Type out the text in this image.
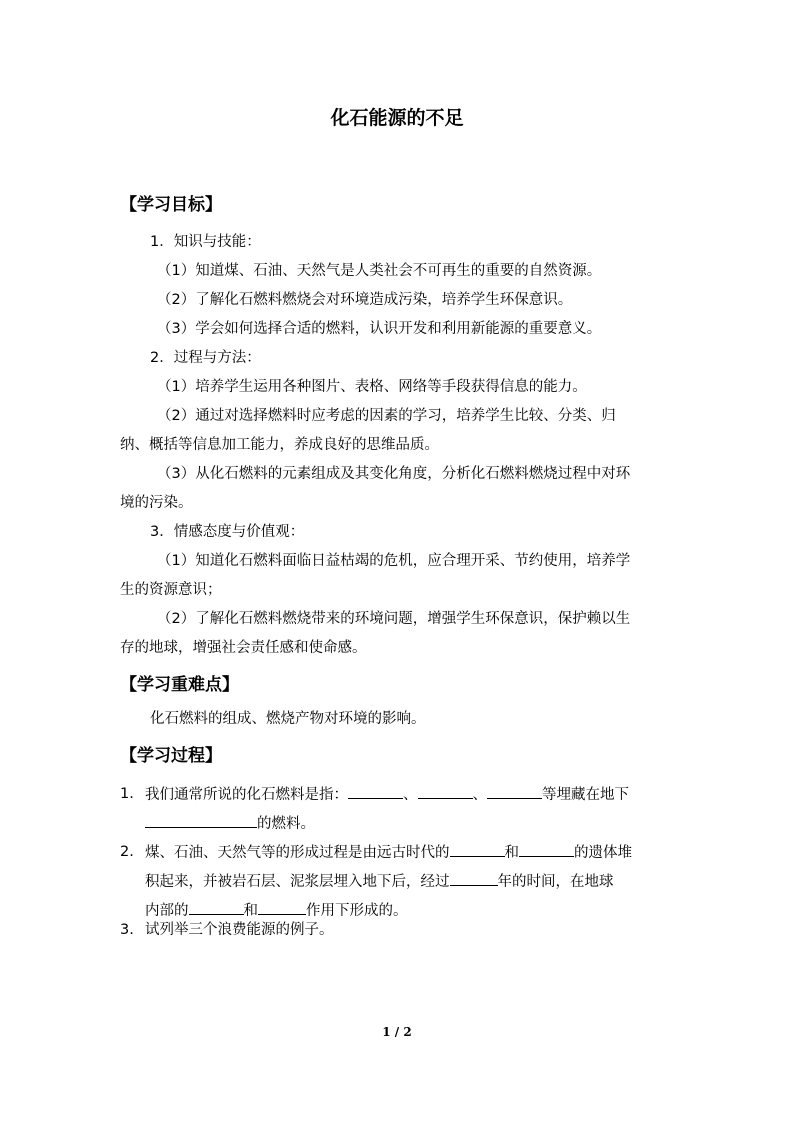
化石能源的不足
【学习目标】
1．知识与技能：
（1）知道煤、石油、天然气是人类社会不可再生的重要的自然资源。
（2）了解化石燃料燃烧会对环境造成污染，培养学生环保意识。
（3）学会如何选择合适的燃料，认识开发和利用新能源的重要意义。
2．过程与方法：
（1）培养学生运用各种图片、表格、网络等手段获得信息的能力。
（2）通过对选择燃料时应考虑的因素的学习，培养学生比较、分类、归
纳、概括等信息加工能力，养成良好的思维品质。
（3）从化石燃料的元素组成及其变化角度，分析化石燃料燃烧过程中对环
境的污染。
3．情感态度与价值观：
（1）知道化石燃料面临日益枯竭的危机，应合理开采、节约使用，培养学
生的资源意识；
（2）了解化石燃料燃烧带来的环境问题，增强学生环保意识，保护赖以生
存的地球，增强社会责任感和使命感。
【学习重难点】
化石燃料的组成、燃烧产物对环境的影响。
【学习过程】
1. 我们通常所说的化石燃料是指：	、	、	等埋藏在地下
的燃料。
2. 煤、石油、天然气等的形成过程是由远古时代的	和	的遗体堆
积起来，并被岩石层、泥浆层埋入地下后，经过	年的时间，在地球
内部的	和	作用下形成的。
3. 试列举三个浪费能源的例子。
1 / 2
